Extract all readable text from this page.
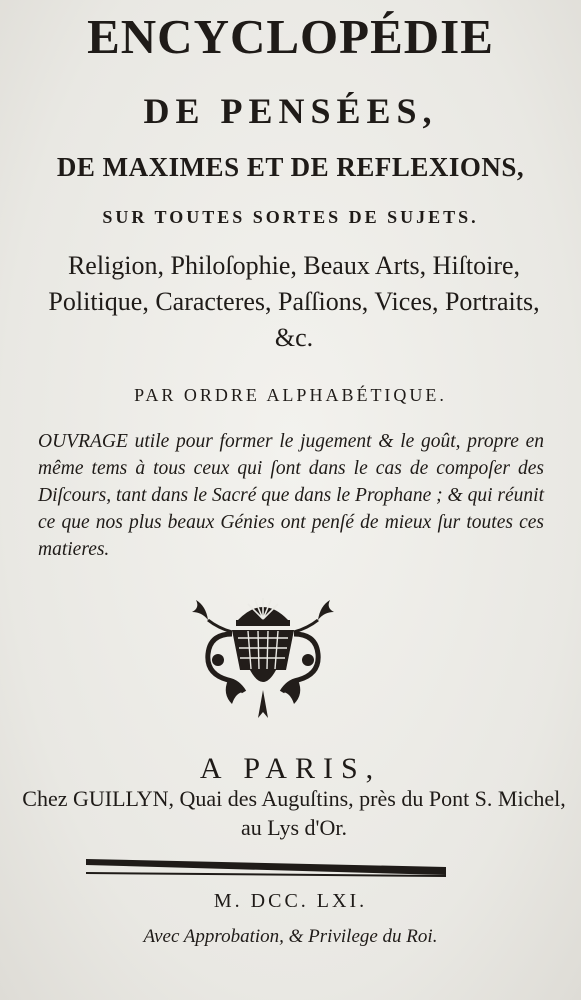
ENCYCLOPÉDIE
DE PENSÉES,
DE MAXIMES ET DE REFLEXIONS,
SUR TOUTES SORTES DE SUJETS.
Religion, Philoſophie, Beaux Arts, Hiſtoire, Politique, Caracteres, Paſſions, Vices, Portraits, &c.
PAR ORDRE ALPHABÉTIQUE.
OUVRAGE utile pour former le jugement & le goût, propre en même tems à tous ceux qui ſont dans le cas de compoſer des Diſcours, tant dans le Sacré que dans le Prophane ; & qui réunit ce que nos plus beaux Génies ont penſé de mieux ſur toutes ces matieres.
A PARIS,
Chez GUILLYN, Quai des Auguſtins, près du Pont S. Michel, au Lys d'Or.
M. DCC. LXI.
Avec Approbation, & Privilege du Roi.
